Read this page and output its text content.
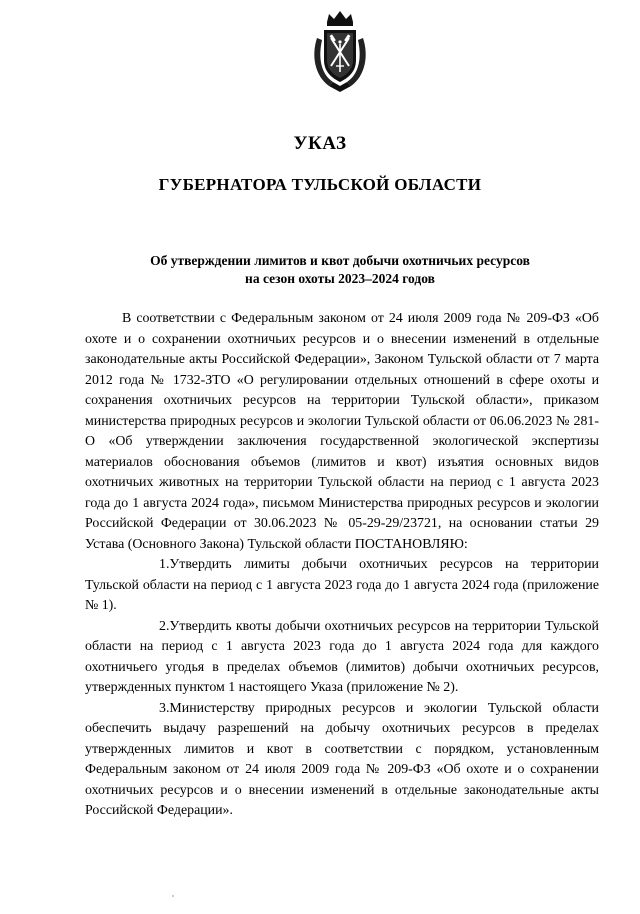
УКАЗ
ГУБЕРНАТОРА ТУЛЬСКОЙ ОБЛАСТИ
Об утверждении лимитов и квот добычи охотничьих ресурсов
на сезон охоты 2023–2024 годов

В соответствии с Федеральным законом от 24 июля 2009 года № 209-ФЗ «Об охоте и о сохранении охотничьих ресурсов и о внесении изменений в отдельные законодательные акты Российской Федерации», Законом Тульской области от 7 марта 2012 года № 1732-ЗТО «О регулировании отдельных отношений в сфере охоты и сохранения охотничьих ресурсов на территории Тульской области», приказом министерства природных ресурсов и экологии Тульской области от 06.06.2023 № 281-О «Об утверждении заключения государственной экологической экспертизы материалов обоснования объемов (лимитов и квот) изъятия основных видов охотничьих животных на территории Тульской области на период с 1 августа 2023 года до 1 августа 2024 года», письмом Министерства природных ресурсов и экологии Российской Федерации от 30.06.2023 № 05-29-29/23721, на основании статьи 29 Устава (Основного Закона) Тульской области ПОСТАНОВЛЯЮ:

1.Утвердить лимиты добычи охотничьих ресурсов на территории Тульской области на период с 1 августа 2023 года до 1 августа 2024 года (приложение № 1).

2.Утвердить квоты добычи охотничьих ресурсов на территории Тульской области на период с 1 августа 2023 года до 1 августа 2024 года для каждого охотничьего угодья в пределах объемов (лимитов) добычи охотничьих ресурсов, утвержденных пунктом 1 настоящего Указа (приложение № 2).

3.Министерству природных ресурсов и экологии Тульской области обеспечить выдачу разрешений на добычу охотничьих ресурсов в пределах утвержденных лимитов и квот в соответствии с порядком, установленным Федеральным законом от 24 июля 2009 года № 209-ФЗ «Об охоте и о сохранении охотничьих ресурсов и о внесении изменений в отдельные законодательные акты Российской Федерации».
